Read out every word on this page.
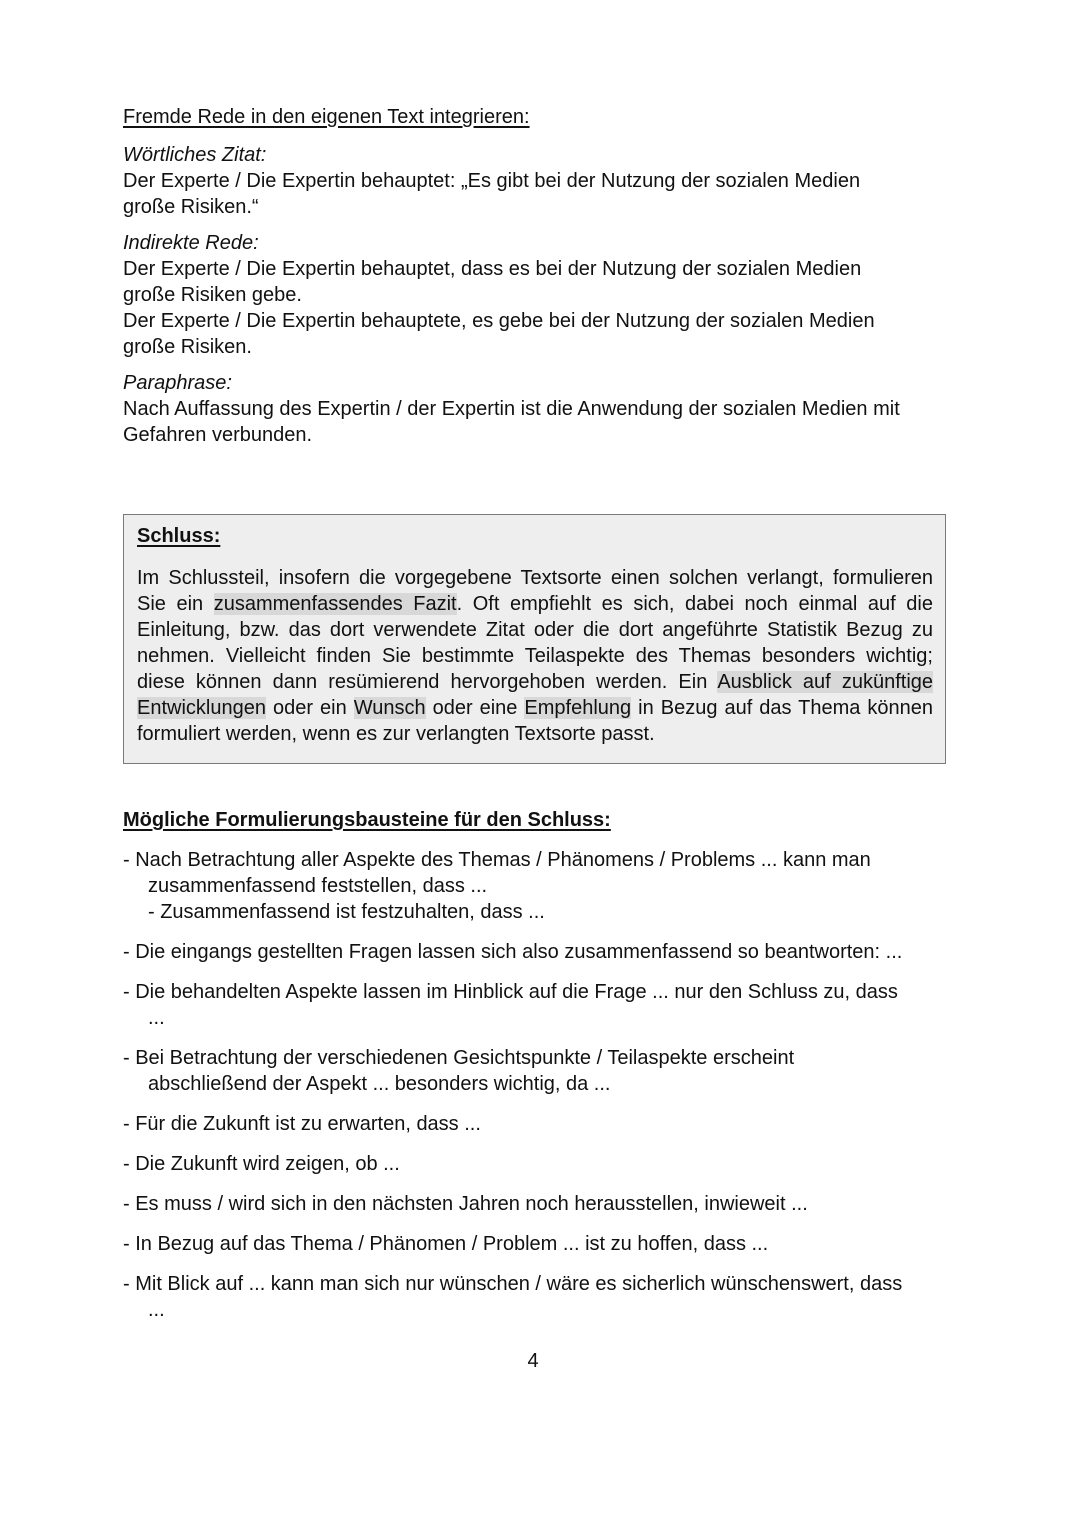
Fremde Rede in den eigenen Text integrieren:

Wörtliches Zitat:

Der Experte / Die Expertin behauptet: „Es gibt bei der Nutzung der sozialen Medien

große Risiken.“

Indirekte Rede:

Der Experte / Die Expertin behauptet, dass es bei der Nutzung der sozialen Medien

große Risiken gebe.

Der Experte / Die Expertin behauptete, es gebe bei der Nutzung der sozialen Medien

große Risiken.

Paraphrase:

Nach Auffassung des Expertin / der Expertin ist die Anwendung der sozialen Medien mit

Gefahren verbunden.

Schluss:

Im Schlussteil, insofern die vorgegebene Textsorte einen solchen verlangt, formulieren Sie ein zusammenfassendes Fazit. Oft empfiehlt es sich, dabei noch einmal auf die Einleitung, bzw. das dort verwendete Zitat oder die dort angeführte Statistik Bezug zu nehmen. Vielleicht finden Sie bestimmte Teilaspekte des Themas besonders wichtig; diese können dann resümierend hervorgehoben werden. Ein Ausblick auf zukünftige Entwicklungen oder ein Wunsch oder eine Empfehlung in Bezug auf das Thema können formuliert werden, wenn es zur verlangten Textsorte passt.

Mögliche Formulierungsbausteine für den Schluss:

- Nach Betrachtung aller Aspekte des Themas / Phänomens / Problems ... kann man
zusammenfassend feststellen, dass ...
- Zusammenfassend ist festzuhalten, dass ...
- Die eingangs gestellten Fragen lassen sich also zusammenfassend so beantworten: ...
- Die behandelten Aspekte lassen im Hinblick auf die Frage ... nur den Schluss zu, dass
...
- Bei Betrachtung der verschiedenen Gesichtspunkte / Teilaspekte erscheint
abschließend der Aspekt ... besonders wichtig, da ...
- Für die Zukunft ist zu erwarten, dass ...
- Die Zukunft wird zeigen, ob ...
- Es muss / wird sich in den nächsten Jahren noch herausstellen, inwieweit ...
- In Bezug auf das Thema / Phänomen / Problem ... ist zu hoffen, dass ...
- Mit Blick auf ... kann man sich nur wünschen / wäre es sicherlich wünschenswert, dass
...
4
